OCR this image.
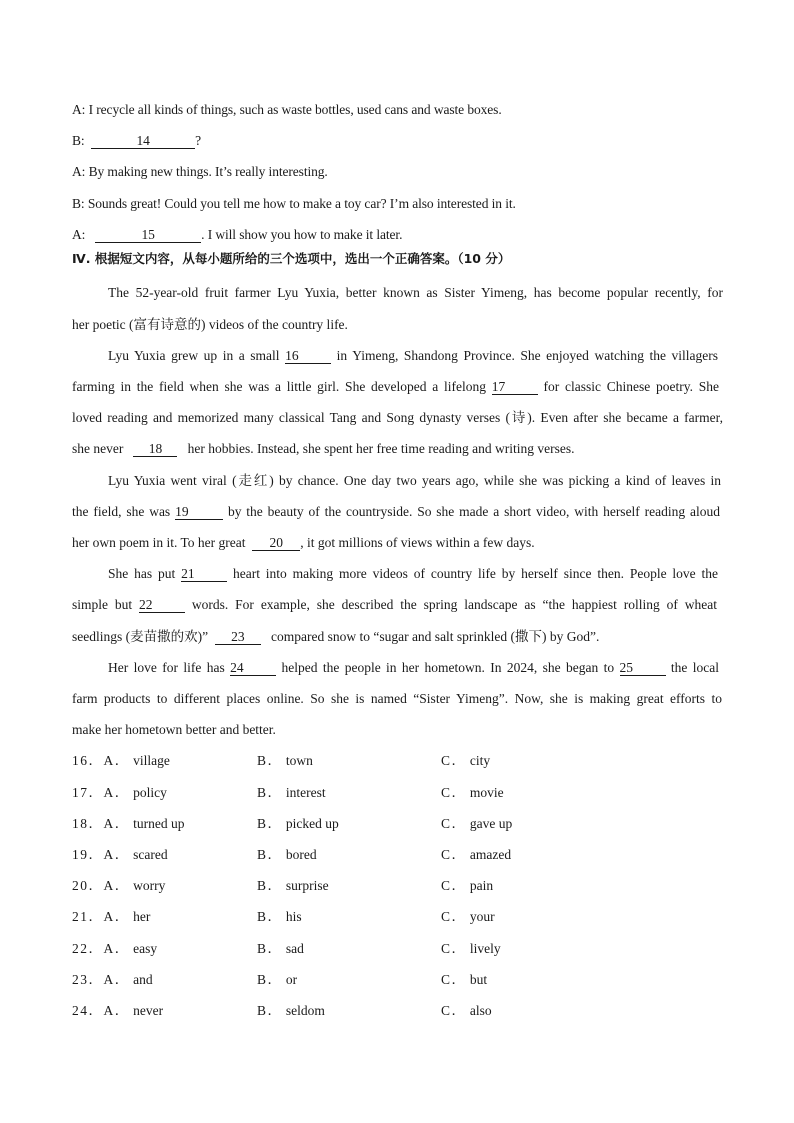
A: I recycle all kinds of things, such as waste bottles, used cans and waste boxes.
B:	14	?
A: By making new things. It’s really interesting.
B: Sounds great! Could you tell me how to make a toy car? I’m also interested in it.
A:	15	. I will show you how to make it later.
Ⅳ. 根据短文内容，从每小题所给的三个选项中，选出一个正确答案。（10 分）
The 52-year-old fruit farmer Lyu Yuxia, better known as Sister Yimeng, has become popular recently, for
her poetic (富有诗意的) videos of the country life.
Lyu Yuxia grew up in a small 16	in Yimeng, Shandong Province. She enjoyed watching the villagers
farming in the field when she was a little girl. She developed a lifelong 17	for classic Chinese poetry. She
loved reading and memorized many classical Tang and Song dynasty verses (诗). Even after she became a farmer,
she never 18 her hobbies. Instead, she spent her free time reading and writing verses.
Lyu Yuxia went viral (走红) by chance. One day two years ago, while she was picking a kind of leaves in
the field, she was 19	by the beauty of the countryside. So she made a short video, with herself reading aloud
her own poem in it. To her great 20 , it got millions of views within a few days.
She has put 21	heart into making more videos of country life by herself since then. People love the
simple but 22	words. For example, she described the spring landscape as “the happiest rolling of wheat
seedlings (麦苗撒的欢)” 23 compared snow to “sugar and salt sprinkled (撒下) by God”.
Her love for life has 24	helped the people in her hometown. In 2024, she began to 25	the local
farm products to different places online. So she is named “Sister Yimeng”. Now, she is making great efforts to
make her hometown better and better.
16．A． village	B． town	C． city
17．A． policy	B． interest	C． movie
18．A． turned up	B． picked up	C． gave up
19．A． scared	B． bored	C． amazed
20．A． worry	B． surprise	C． pain
21．A． her	B． his	C． your
22．A． easy	B． sad	C． lively
23．A． and	B． or	C． but
24．A． never	B． seldom	C． also
